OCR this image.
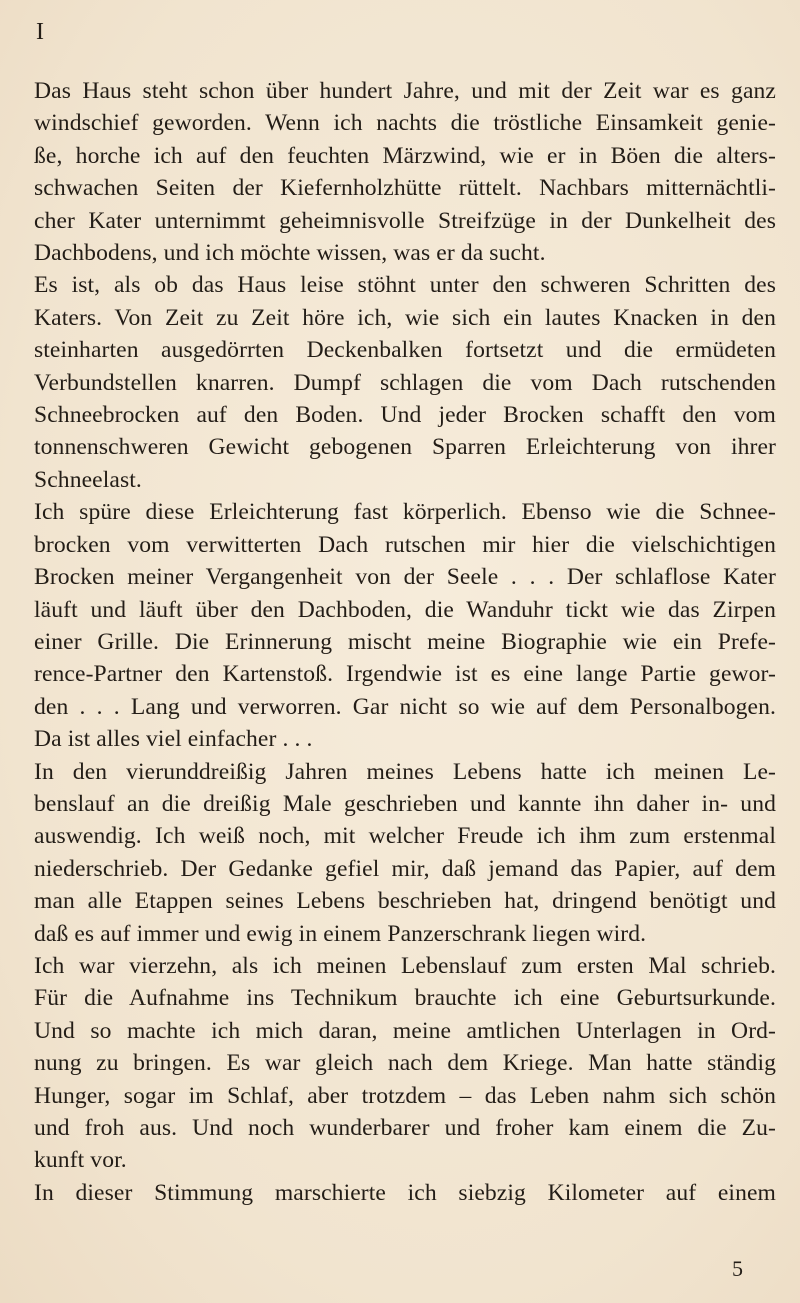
I

Das Haus steht schon über hundert Jahre, und mit der Zeit war es ganz
windschief geworden. Wenn ich nachts die tröstliche Einsamkeit genie-
ße, horche ich auf den feuchten Märzwind, wie er in Böen die alters-
schwachen Seiten der Kiefernholzhütte rüttelt. Nachbars mitternächtli-
cher Kater unternimmt geheimnisvolle Streifzüge in der Dunkelheit des
Dachbodens, und ich möchte wissen, was er da sucht.

Es ist, als ob das Haus leise stöhnt unter den schweren Schritten des
Katers. Von Zeit zu Zeit höre ich, wie sich ein lautes Knacken in den
steinharten ausgedörrten Deckenbalken fortsetzt und die ermüdeten
Verbundstellen knarren. Dumpf schlagen die vom Dach rutschenden
Schneebrocken auf den Boden. Und jeder Brocken schafft den vom
tonnenschweren Gewicht gebogenen Sparren Erleichterung von ihrer
Schneelast.

Ich spüre diese Erleichterung fast körperlich. Ebenso wie die Schnee-
brocken vom verwitterten Dach rutschen mir hier die vielschichtigen
Brocken meiner Vergangenheit von der Seele . . . Der schlaflose Kater
läuft und läuft über den Dachboden, die Wanduhr tickt wie das Zirpen
einer Grille. Die Erinnerung mischt meine Biographie wie ein Prefe-
rence-Partner den Kartenstoß. Irgendwie ist es eine lange Partie gewor-
den . . . Lang und verworren. Gar nicht so wie auf dem Personalbogen.
Da ist alles viel einfacher . . .

In den vierunddreißig Jahren meines Lebens hatte ich meinen Le-
benslauf an die dreißig Male geschrieben und kannte ihn daher in- und
auswendig. Ich weiß noch, mit welcher Freude ich ihm zum erstenmal
niederschrieb. Der Gedanke gefiel mir, daß jemand das Papier, auf dem
man alle Etappen seines Lebens beschrieben hat, dringend benötigt und
daß es auf immer und ewig in einem Panzerschrank liegen wird.

Ich war vierzehn, als ich meinen Lebenslauf zum ersten Mal schrieb.
Für die Aufnahme ins Technikum brauchte ich eine Geburtsurkunde.
Und so machte ich mich daran, meine amtlichen Unterlagen in Ord-
nung zu bringen. Es war gleich nach dem Kriege. Man hatte ständig
Hunger, sogar im Schlaf, aber trotzdem – das Leben nahm sich schön
und froh aus. Und noch wunderbarer und froher kam einem die Zu-
kunft vor.

In dieser Stimmung marschierte ich siebzig Kilometer auf einem

5
